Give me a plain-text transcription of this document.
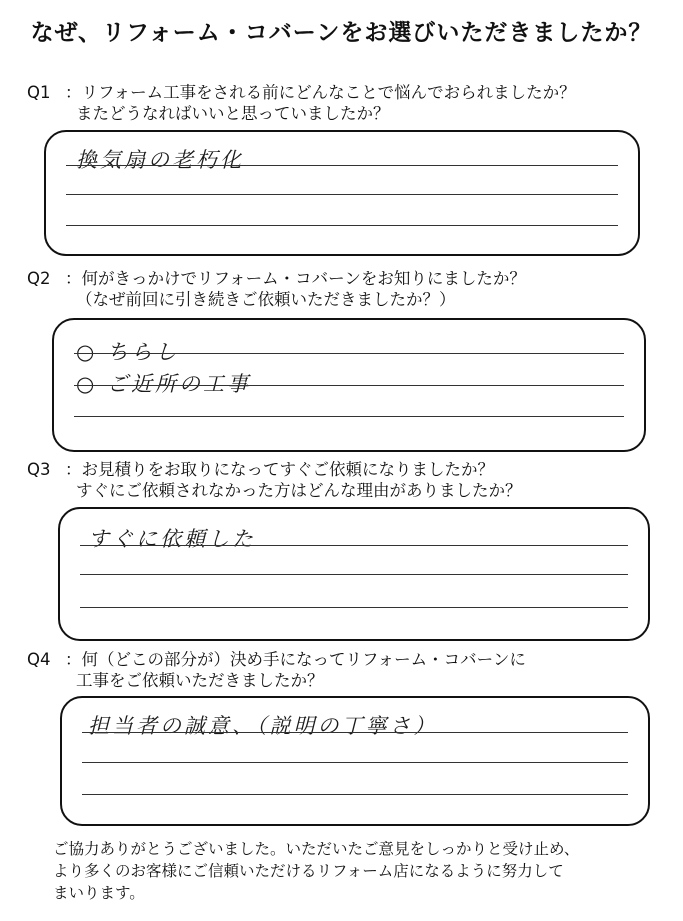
なぜ、リフォーム・コバーンをお選びいただきましたか？
Q1 ：リフォーム工事をされる前にどんなことで悩んでおられましたか？
またどうなればいいと思っていましたか？
換気扇の老朽化
Q2 ：何がきっかけでリフォーム・コバーンをお知りにましたか？
（なぜ前回に引き続きご依頼いただきましたか？）
○ ちらし
○ ご近所の工事
Q3 ：お見積りをお取りになってすぐご依頼になりましたか？
すぐにご依頼されなかった方はどんな理由がありましたか？
すぐに依頼した
Q4 ：何（どこの部分が）決め手になってリフォーム・コバーンに
工事をご依頼いただきましたか？
担当者の誠意、（説明の丁寧さ）
ご協力ありがとうございました。いただいたご意見をしっかりと受け止め、
より多くのお客様にご信頼いただけるリフォーム店になるように努力して
まいります。
